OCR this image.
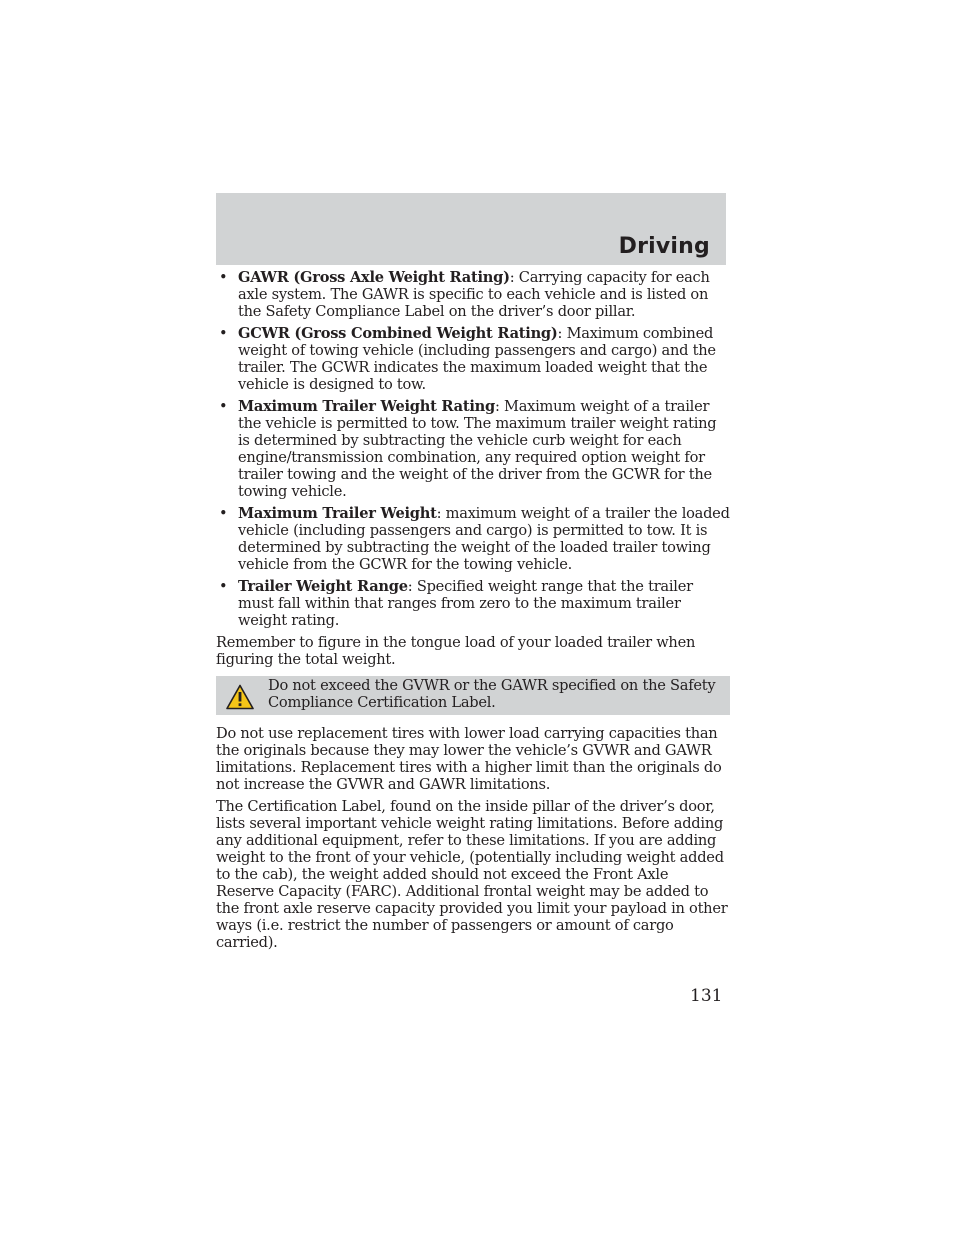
Driving
• GAWR (Gross Axle Weight Rating): Carrying capacity for each axle system. The GAWR is specific to each vehicle and is listed on the Safety Compliance Label on the driver’s door pillar.
• GCWR (Gross Combined Weight Rating): Maximum combined weight of towing vehicle (including passengers and cargo) and the trailer. The GCWR indicates the maximum loaded weight that the vehicle is designed to tow.
• Maximum Trailer Weight Rating: Maximum weight of a trailer the vehicle is permitted to tow. The maximum trailer weight rating is determined by subtracting the vehicle curb weight for each engine/transmission combination, any required option weight for trailer towing and the weight of the driver from the GCWR for the towing vehicle.
• Maximum Trailer Weight: maximum weight of a trailer the loaded vehicle (including passengers and cargo) is permitted to tow. It is determined by subtracting the weight of the loaded trailer towing vehicle from the GCWR for the towing vehicle.
• Trailer Weight Range: Specified weight range that the trailer must fall within that ranges from zero to the maximum trailer weight rating.
Remember to figure in the tongue load of your loaded trailer when figuring the total weight.
Do not exceed the GVWR or the GAWR specified on the Safety Compliance Certification Label.
Do not use replacement tires with lower load carrying capacities than the originals because they may lower the vehicle’s GVWR and GAWR limitations. Replacement tires with a higher limit than the originals do not increase the GVWR and GAWR limitations.
The Certification Label, found on the inside pillar of the driver’s door, lists several important vehicle weight rating limitations. Before adding any additional equipment, refer to these limitations. If you are adding weight to the front of your vehicle, (potentially including weight added to the cab), the weight added should not exceed the Front Axle Reserve Capacity (FARC). Additional frontal weight may be added to the front axle reserve capacity provided you limit your payload in other ways (i.e. restrict the number of passengers or amount of cargo carried).
131
